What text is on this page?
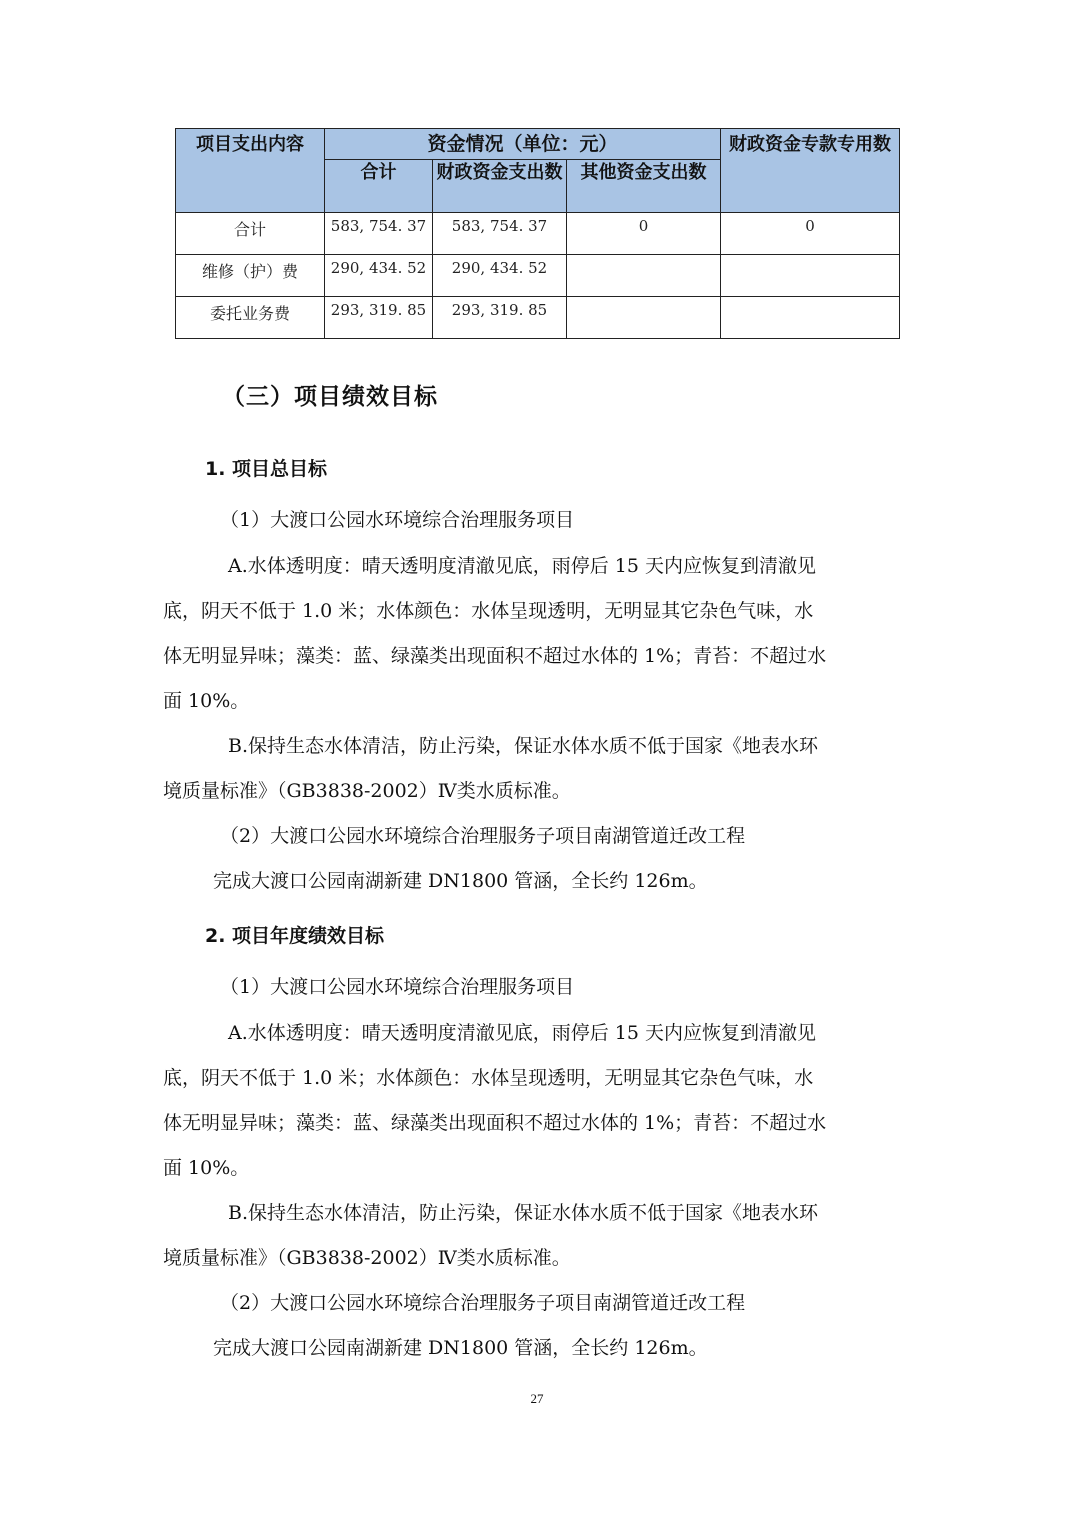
项目支出内容	资金情况（单位：元）			财政资金专款专用数
	合计	财政资金支出数	其他资金支出数	
合计	583, 754. 37	583, 754. 37	0	0
维修（护）费	290, 434. 52	290, 434. 52		
委托业务费	293, 319. 85	293, 319. 85		
（三）项目绩效目标
1. 项目总目标
（1）大渡口公园水环境综合治理服务项目
A.水体透明度：晴天透明度清澈见底，雨停后 15 天内应恢复到清澈见
底，阴天不低于 1.0 米；水体颜色：水体呈现透明，无明显其它杂色气味，水
体无明显异味；藻类：蓝、绿藻类出现面积不超过水体的 1%；青苔：不超过水
面 10%。
B.保持生态水体清洁，防止污染，保证水体水质不低于国家《地表水环
境质量标准》（GB3838-2002）Ⅳ类水质标准。
（2）大渡口公园水环境综合治理服务子项目南湖管道迁改工程
完成大渡口公园南湖新建 DN1800 管涵，全长约 126m。
2. 项目年度绩效目标
（1）大渡口公园水环境综合治理服务项目
A.水体透明度：晴天透明度清澈见底，雨停后 15 天内应恢复到清澈见
底，阴天不低于 1.0 米；水体颜色：水体呈现透明，无明显其它杂色气味，水
体无明显异味；藻类：蓝、绿藻类出现面积不超过水体的 1%；青苔：不超过水
面 10%。
B.保持生态水体清洁，防止污染，保证水体水质不低于国家《地表水环
境质量标准》（GB3838-2002）Ⅳ类水质标准。
（2）大渡口公园水环境综合治理服务子项目南湖管道迁改工程
完成大渡口公园南湖新建 DN1800 管涵，全长约 126m。
27
